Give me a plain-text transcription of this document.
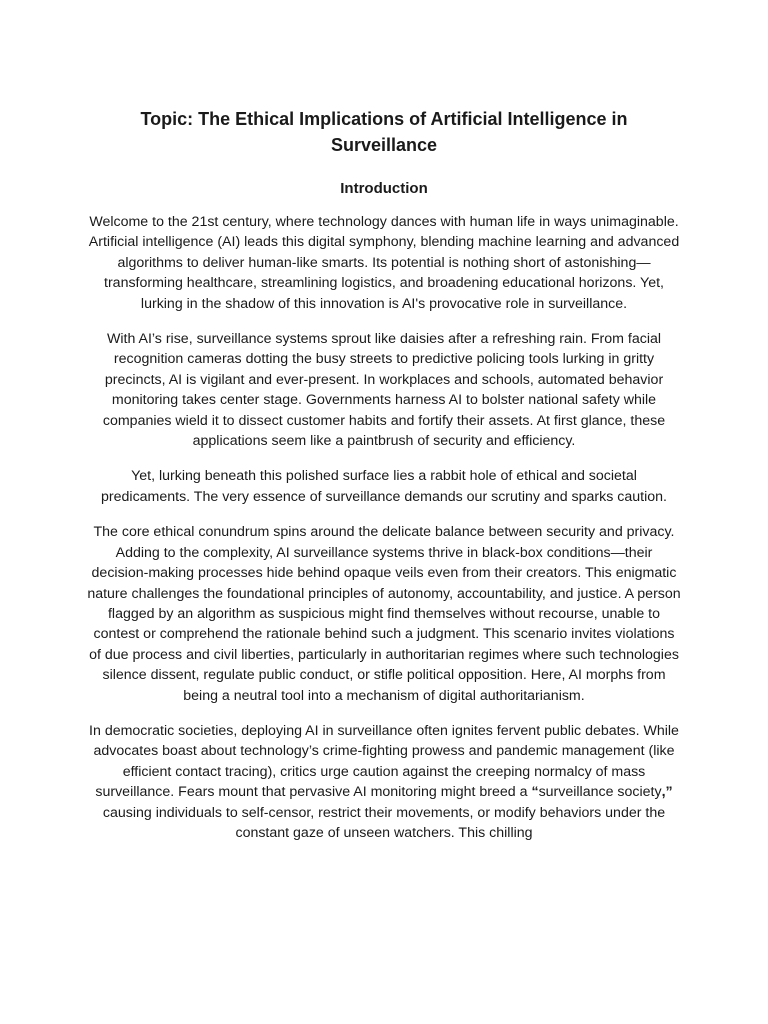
Topic: The Ethical Implications of Artificial Intelligence in Surveillance
Introduction

Welcome to the 21st century, where technology dances with human life in ways unimaginable. Artificial intelligence (AI) leads this digital symphony, blending machine learning and advanced algorithms to deliver human-like smarts. Its potential is nothing short of astonishing—transforming healthcare, streamlining logistics, and broadening educational horizons. Yet, lurking in the shadow of this innovation is AI's provocative role in surveillance.

With AI’s rise, surveillance systems sprout like daisies after a refreshing rain. From facial recognition cameras dotting the busy streets to predictive policing tools lurking in gritty precincts, AI is vigilant and ever-present. In workplaces and schools, automated behavior monitoring takes center stage. Governments harness AI to bolster national safety while companies wield it to dissect customer habits and fortify their assets. At first glance, these applications seem like a paintbrush of security and efficiency.

Yet, lurking beneath this polished surface lies a rabbit hole of ethical and societal predicaments. The very essence of surveillance demands our scrutiny and sparks caution.

The core ethical conundrum spins around the delicate balance between security and privacy. Adding to the complexity, AI surveillance systems thrive in black-box conditions—their decision-making processes hide behind opaque veils even from their creators. This enigmatic nature challenges the foundational principles of autonomy, accountability, and justice. A person flagged by an algorithm as suspicious might find themselves without recourse, unable to contest or comprehend the rationale behind such a judgment. This scenario invites violations of due process and civil liberties, particularly in authoritarian regimes where such technologies silence dissent, regulate public conduct, or stifle political opposition. Here, AI morphs from being a neutral tool into a mechanism of digital authoritarianism.

In democratic societies, deploying AI in surveillance often ignites fervent public debates. While advocates boast about technology’s crime-fighting prowess and pandemic management (like efficient contact tracing), critics urge caution against the creeping normalcy of mass surveillance. Fears mount that pervasive AI monitoring might breed a “surveillance society,” causing individuals to self-censor, restrict their movements, or modify behaviors under the constant gaze of unseen watchers. This chilling
